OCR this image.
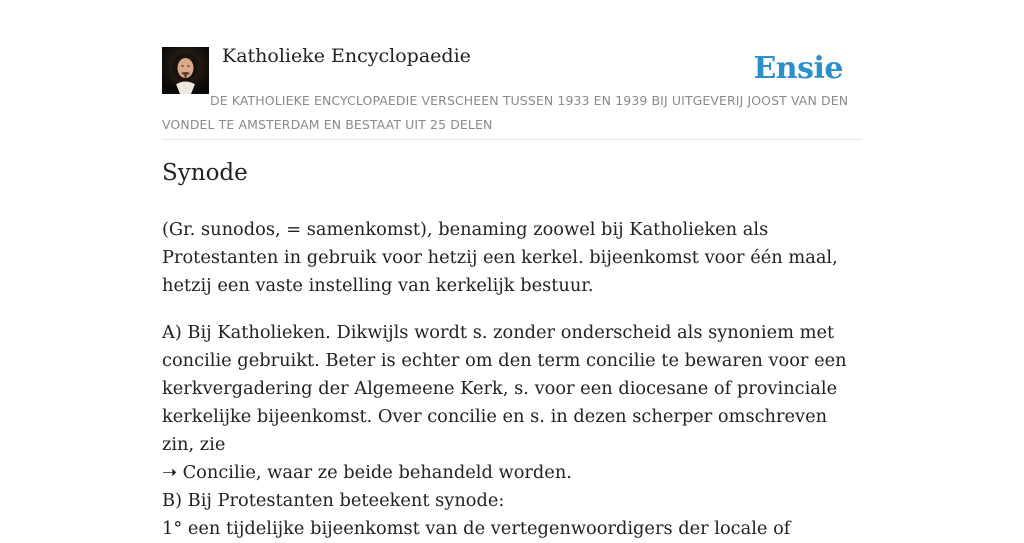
Katholieke Encyclopaedie	Ensie

DE KATHOLIEKE ENCYCLOPAEDIE VERSCHEEN TUSSEN 1933 EN 1939 BIJ UITGEVERIJ JOOST VAN DEN VONDEL TE AMSTERDAM EN BESTAAT UIT 25 DELEN

Synode

(Gr. sunodos, = samenkomst), benaming zoowel bij Katholieken als Protestanten in gebruik voor hetzij een kerkel. bijeenkomst voor één maal, hetzij een vaste instelling van kerkelijk bestuur.

A) Bij Katholieken. Dikwijls wordt s. zonder onderscheid als synoniem met concilie gebruikt. Beter is echter om den term concilie te bewaren voor een kerkvergadering der Algemeene Kerk, s. voor een diocesane of provinciale kerkelijke bijeenkomst. Over concilie en s. in dezen scherper omschreven zin, zie
➝ Concilie, waar ze beide behandeld worden.

B) Bij Protestanten beteekent synode:

1° een tijdelijke bijeenkomst van de vertegenwoordigers der locale of
